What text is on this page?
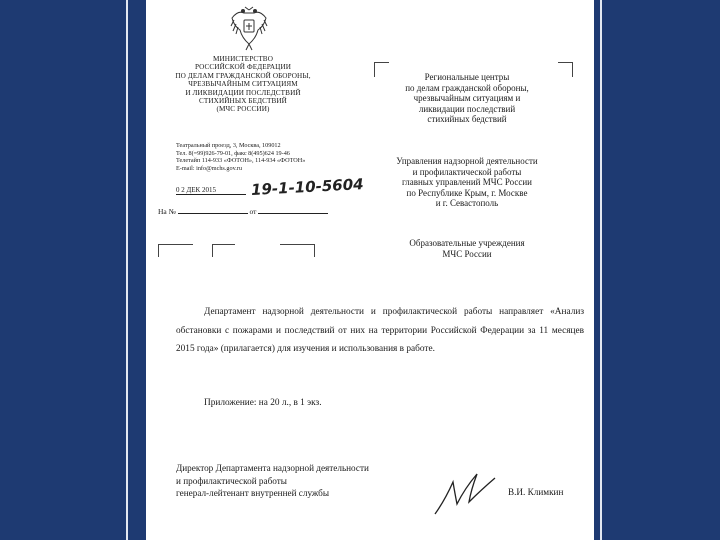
МИНИСТЕРСТВО
РОССИЙСКОЙ ФЕДЕРАЦИИ
ПО ДЕЛАМ ГРАЖДАНСКОЙ ОБОРОНЫ,
ЧРЕЗВЫЧАЙНЫМ СИТУАЦИЯМ
И ЛИКВИДАЦИИ ПОСЛЕДСТВИЙ
СТИХИЙНЫХ БЕДСТВИЙ
(МЧС РОССИИ)
Театральный проезд, 3, Москва, 109012
Тел. 8(=99)926-79-01, факс 8(495)624 19-46
Телетайп 114-933 «ФОТОН», 114-934 «ФОТОН»
E-mail: info@mchs.gov.ru
0 2 ДЕК 2015	19-1-10-5604
На №	от
Региональные центры
по делам гражданской обороны,
чрезвычайным ситуациям и
ликвидации последствий
стихийных бедствий
Управления надзорной деятельности
и профилактической работы
главных управлений МЧС России
по Республике Крым, г. Москве
и г. Севастополь
Образовательные учреждения
МЧС России
Департамент надзорной деятельности и профилактической работы направляет «Анализ обстановки с пожарами и последствий от них на территории Российской Федерации за 11 месяцев 2015 года» (прилагается) для изучения и использования в работе.
Приложение: на 20 л., в 1 экз.
Директор Департамента надзорной деятельности
и профилактической работы
генерал-лейтенант внутренней службы	В.И. Климкин
